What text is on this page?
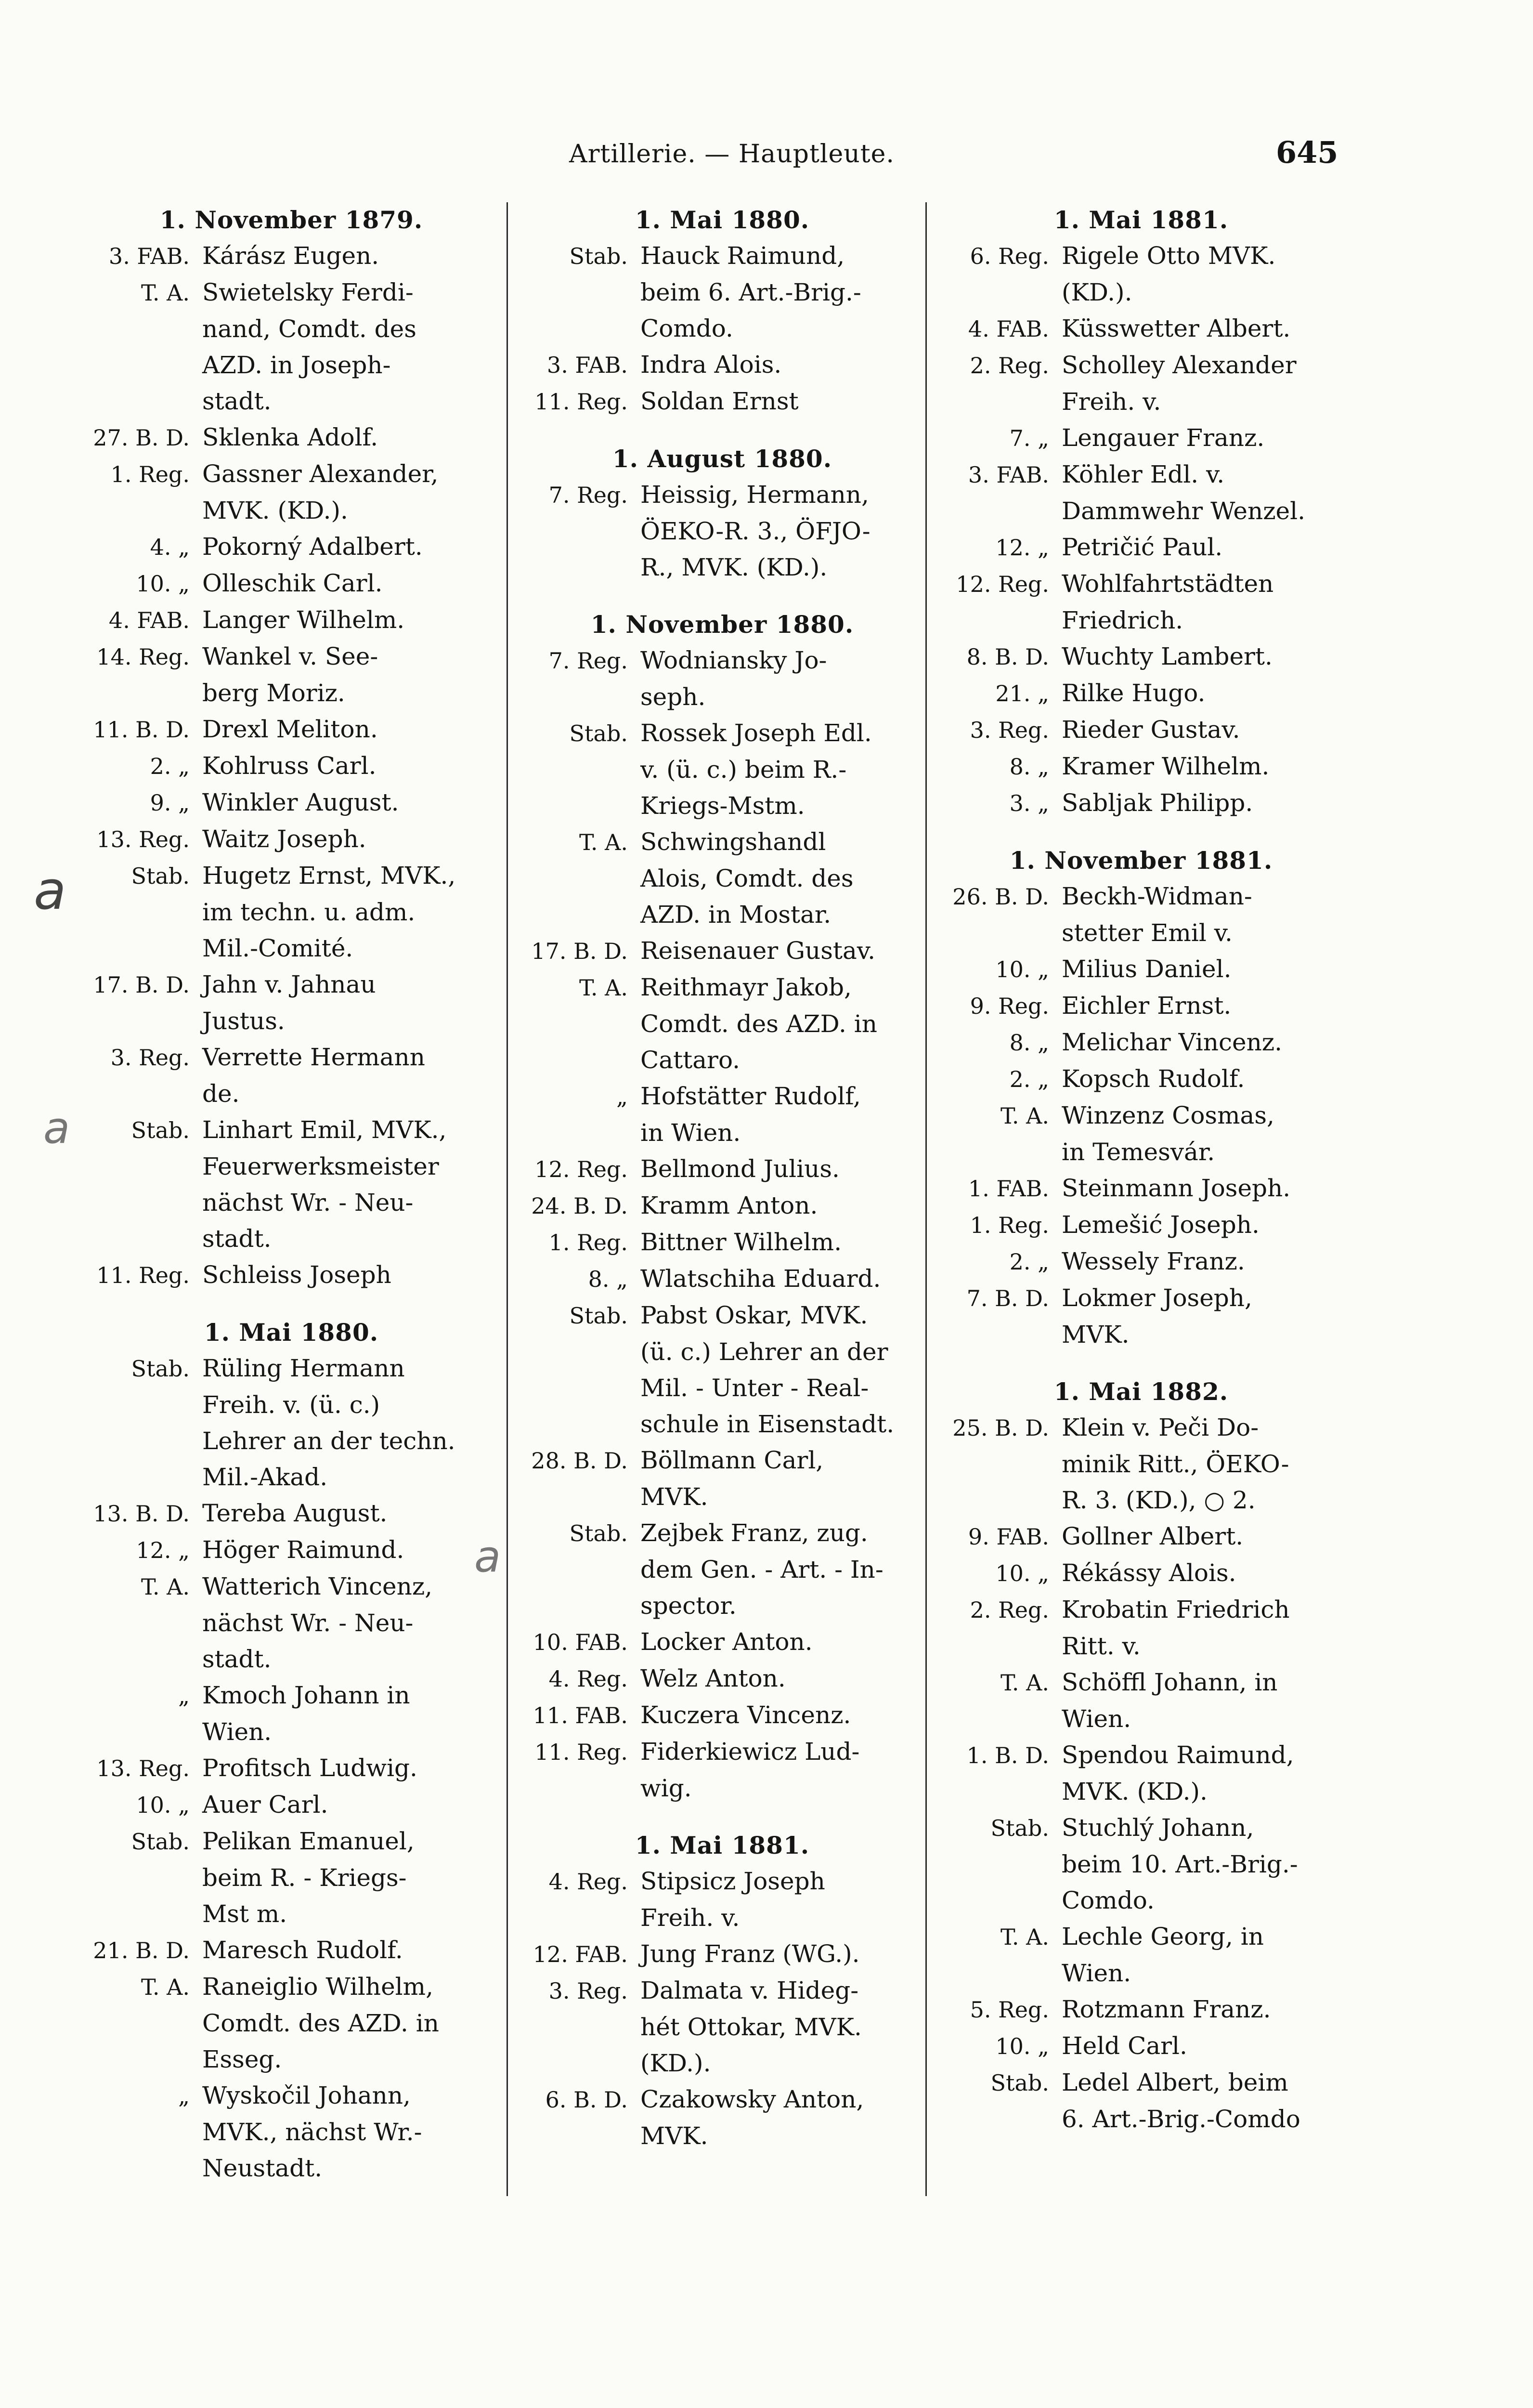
Artillerie. — Hauptleute.	645
1. November 1879.
3. FAB. Kárász Eugen.
T. A. Swietelsky Ferdi-
nand, Comdt. des
AZD. in Joseph-
stadt.
27. B. D. Sklenka Adolf.
1. Reg. Gassner Alexander,
MVK. (KD.).
4. „ Pokorný Adalbert.
10. „ Olleschik Carl.
4. FAB. Langer Wilhelm.
14. Reg. Wankel v. See-
berg Moriz.
11. B. D. Drexl Meliton.
2. „ Kohlruss Carl.
9. „ Winkler August.
13. Reg. Waitz Joseph.
Stab. Hugetz Ernst, MVK.,
im techn. u. adm.
Mil.-Comité.
17. B. D. Jahn v. Jahnau
Justus.
3. Reg. Verrette Hermann
de.
Stab. Linhart Emil, MVK.,
Feuerwerksmeister
nächst Wr. - Neu-
stadt.
11. Reg. Schleiss Joseph
1. Mai 1880.
Stab. Rüling Hermann
Freih. v. (ü. c.)
Lehrer an der techn.
Mil.-Akad.
13. B. D. Tereba August.
12. „ Höger Raimund.
T. A. Watterich Vincenz,
nächst Wr. - Neu-
stadt.
„ Kmoch Johann in
Wien.
13. Reg. Profitsch Ludwig.
10. „ Auer Carl.
Stab. Pelikan Emanuel,
beim R. - Kriegs-
Mst m.
21. B. D. Maresch Rudolf.
T. A. Raneiglio Wilhelm,
Comdt. des AZD. in
Esseg.
„ Wyskočil Johann,
MVK., nächst Wr.-
Neustadt.
1. Mai 1880.
Stab. Hauck Raimund,
beim 6. Art.-Brig.-
Comdo.
3. FAB. Indra Alois.
11. Reg. Soldan Ernst
1. August 1880.
7. Reg. Heissig, Hermann,
ÖEKO-R. 3., ÖFJO-
R., MVK. (KD.).
1. November 1880.
7. Reg. Wodniansky Jo-
seph.
Stab. Rossek Joseph Edl.
v. (ü. c.) beim R.-
Kriegs-Mstm.
T. A. Schwingshandl
Alois, Comdt. des
AZD. in Mostar.
17. B. D. Reisenauer Gustav.
T. A. Reithmayr Jakob,
Comdt. des AZD. in
Cattaro.
„ Hofstätter Rudolf,
in Wien.
12. Reg. Bellmond Julius.
24. B. D. Kramm Anton.
1. Reg. Bittner Wilhelm.
8. „ Wlatschiha Eduard.
Stab. Pabst Oskar, MVK.
(ü. c.) Lehrer an der
Mil. - Unter - Real-
schule in Eisenstadt.
28. B. D. Böllmann Carl,
MVK.
Stab. Zejbek Franz, zug.
dem Gen. - Art. - In-
spector.
10. FAB. Locker Anton.
4. Reg. Welz Anton.
11. FAB. Kuczera Vincenz.
11. Reg. Fiderkiewicz Lud-
wig.
1. Mai 1881.
4. Reg. Stipsicz Joseph
Freih. v.
12. FAB. Jung Franz (WG.).
3. Reg. Dalmata v. Hideg-
hét Ottokar, MVK.
(KD.).
6. B. D. Czakowsky Anton,
MVK.
1. Mai 1881.
6. Reg. Rigele Otto MVK.
(KD.).
4. FAB. Küsswetter Albert.
2. Reg. Scholley Alexander
Freih. v.
7. „ Lengauer Franz.
3. FAB. Köhler Edl. v.
Dammwehr Wenzel.
12. „ Petričić Paul.
12. Reg. Wohlfahrtstädten
Friedrich.
8. B. D. Wuchty Lambert.
21. „ Rilke Hugo.
3. Reg. Rieder Gustav.
8. „ Kramer Wilhelm.
3. „ Sabljak Philipp.
1. November 1881.
26. B. D. Beckh-Widman-
stetter Emil v.
10. „ Milius Daniel.
9. Reg. Eichler Ernst.
8. „ Melichar Vincenz.
2. „ Kopsch Rudolf.
T. A. Winzenz Cosmas,
in Temesvár.
1. FAB. Steinmann Joseph.
1. Reg. Lemešić Joseph.
2. „ Wessely Franz.
7. B. D. Lokmer Joseph,
MVK.
1. Mai 1882.
25. B. D. Klein v. Peči Do-
minik Ritt., ÖEKO-
R. 3. (KD.), ○ 2.
9. FAB. Gollner Albert.
10. „ Rékássy Alois.
2. Reg. Krobatin Friedrich
Ritt. v.
T. A. Schöffl Johann, in
Wien.
1. B. D. Spendou Raimund,
MVK. (KD.).
Stab. Stuchlý Johann,
beim 10. Art.-Brig.-
Comdo.
T. A. Lechle Georg, in
Wien.
5. Reg. Rotzmann Franz.
10. „ Held Carl.
Stab. Ledel Albert, beim
6. Art.-Brig.-Comdo
a
a
a
